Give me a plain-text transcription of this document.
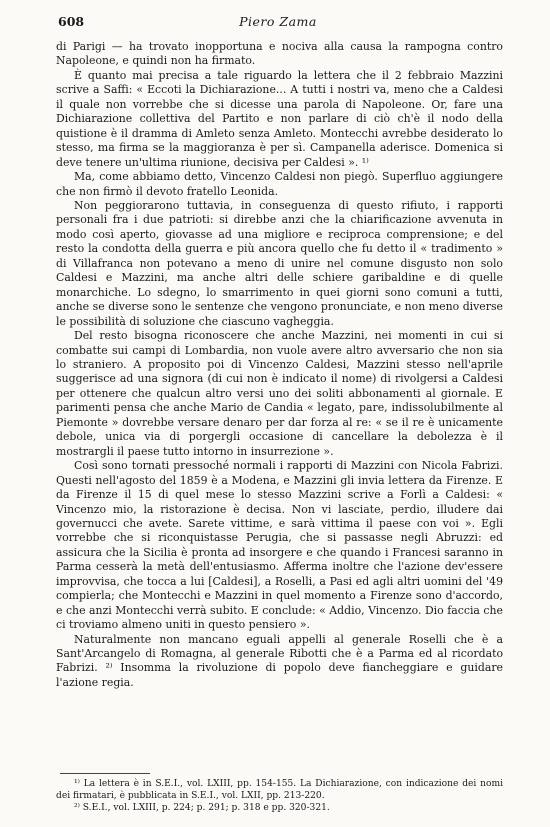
608	Piero Zama

di Parigi — ha trovato inopportuna e nociva alla causa la rampogna contro Napoleone, e quindi non ha firmato.

È quanto mai precisa a tale riguardo la lettera che il 2 febbraio Mazzini scrive a Saffi: « Eccoti la Dichiarazione... A tutti i nostri va, meno che a Caldesi il quale non vorrebbe che si dicesse una parola di Napoleone. Or, fare una Dichiarazione collettiva del Partito e non parlare di ciò ch'è il nodo della quistione è il dramma di Amleto senza Amleto. Montecchi avrebbe desiderato lo stesso, ma firma se la maggioranza è per sì. Campanella aderisce. Domenica si deve tenere un'ultima riunione, decisiva per Caldesi ». ¹⁾

Ma, come abbiamo detto, Vincenzo Caldesi non piegò. Superfluo aggiungere che non firmò il devoto fratello Leonida.

Non peggiorarono tuttavia, in conseguenza di questo rifiuto, i rapporti personali fra i due patrioti: si direbbe anzi che la chiarificazione avvenuta in modo così aperto, giovasse ad una migliore e reciproca comprensione; e del resto la condotta della guerra e più ancora quello che fu detto il « tradimento » di Villafranca non potevano a meno di unire nel comune disgusto non solo Caldesi e Mazzini, ma anche altri delle schiere garibaldine e di quelle monarchiche. Lo sdegno, lo smarrimento in quei giorni sono comuni a tutti, anche se diverse sono le sentenze che vengono pronunciate, e non meno diverse le possibilità di soluzione che ciascuno vagheggia.

Del resto bisogna riconoscere che anche Mazzini, nei momenti in cui si combatte sui campi di Lombardia, non vuole avere altro avversario che non sia lo straniero. A proposito poi di Vincenzo Caldesi, Mazzini stesso nell'aprile suggerisce ad una signora (di cui non è indicato il nome) di rivolgersi a Caldesi per ottenere che qualcun altro versi uno dei soliti abbonamenti al giornale. E parimenti pensa che anche Mario de Candia « legato, pare, indissolubilmente al Piemonte » dovrebbe versare denaro per dar forza al re: « se il re è unicamente debole, unica via di porgergli occasione di cancellare la debolezza è il mostrargli il paese tutto intorno in insurrezione ».

Così sono tornati pressoché normali i rapporti di Mazzini con Nicola Fabrizi. Questi nell'agosto del 1859 è a Modena, e Mazzini gli invia lettera da Firenze. E da Firenze il 15 di quel mese lo stesso Mazzini scrive a Forlì a Caldesi: « Vincenzo mio, la ristorazione è decisa. Non vi lasciate, perdio, illudere dai governucci che avete. Sarete vittime, e sarà vittima il paese con voi ». Egli vorrebbe che si riconquistasse Perugia, che si passasse negli Abruzzi: ed assicura che la Sicilia è pronta ad insorgere e che quando i Francesi saranno in Parma cesserà la metà dell'entusiasmo. Afferma inoltre che l'azione dev'essere improvvisa, che tocca a lui [Caldesi], a Roselli, a Pasi ed agli altri uomini del '49 compierla; che Montecchi e Mazzini in quel momento a Firenze sono d'accordo, e che anzi Montecchi verrà subito. E conclude: « Addio, Vincenzo. Dio faccia che ci troviamo almeno uniti in questo pensiero ».

Naturalmente non mancano eguali appelli al generale Roselli che è a Sant'Arcangelo di Romagna, al generale Ribotti che è a Parma ed al ricordato Fabrizi. ²⁾ Insomma la rivoluzione di popolo deve fiancheggiare e guidare l'azione regia.

¹⁾ La lettera è in S.E.I., vol. LXIII, pp. 154-155. La Dichiarazione, con indicazione dei nomi dei firmatari, è pubblicata in S.E.I., vol. LXII, pp. 213-220.

²⁾ S.E.I., vol. LXIII, p. 224; p. 291; p. 318 e pp. 320-321.
